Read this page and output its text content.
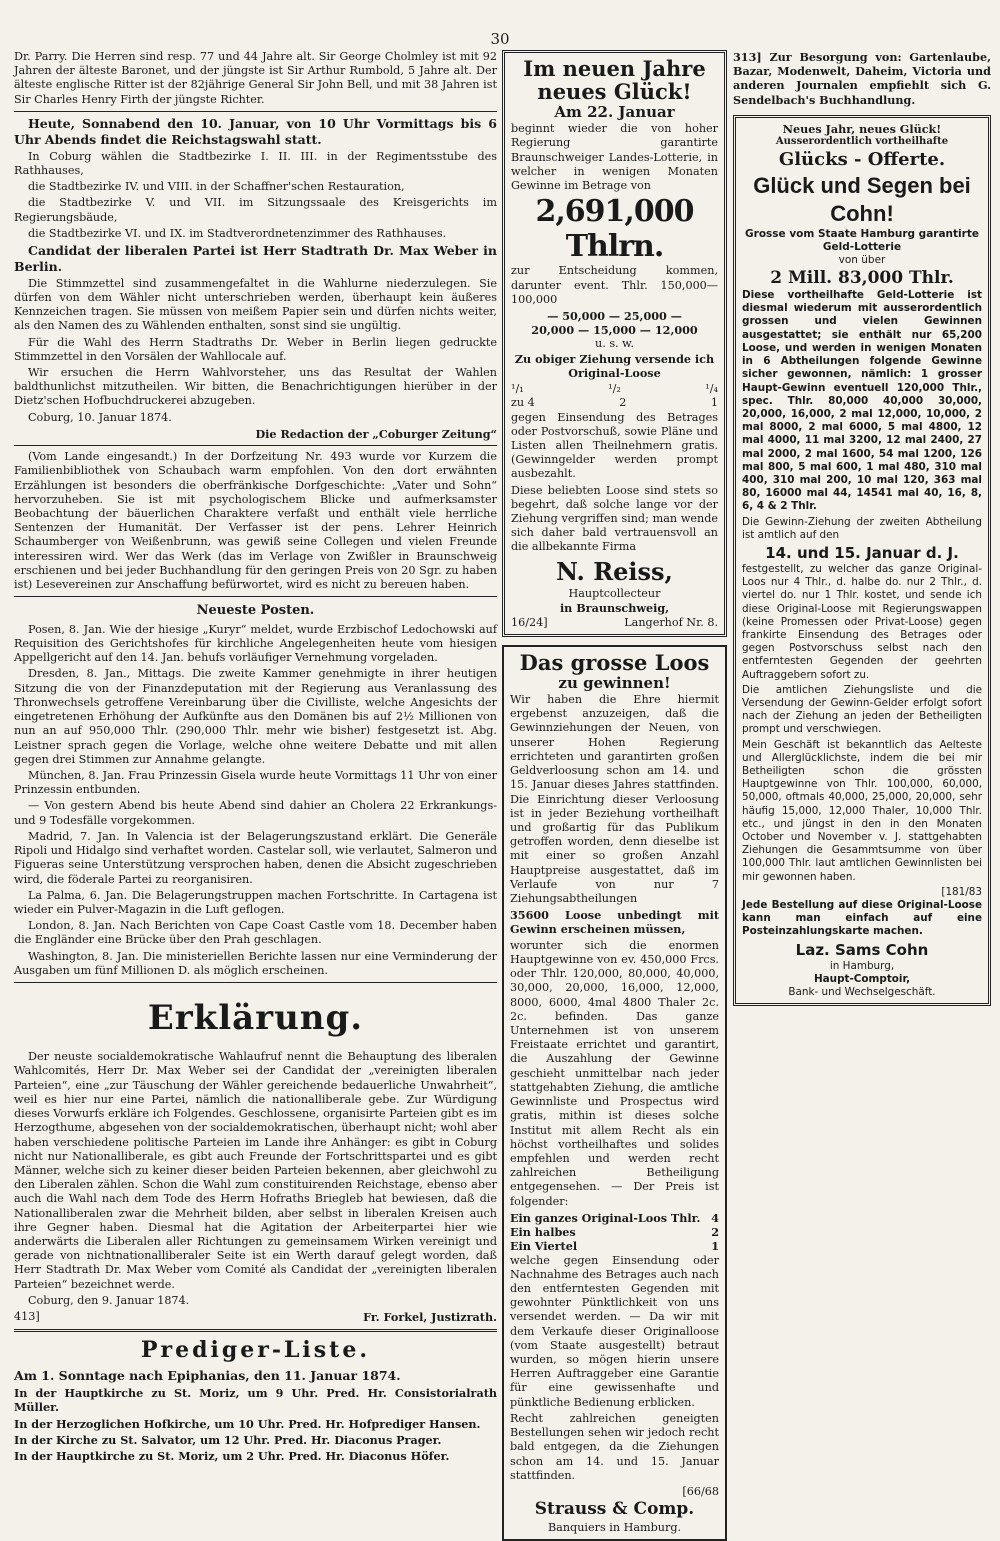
30

Dr. Parry. Die Herren sind resp. 77 und 44 Jahre alt. Sir George Cholmley ist mit 92 Jahren der älteste Baronet, und der jüngste ist Sir Arthur Rumbold, 5 Jahre alt. Der älteste englische Ritter ist der 82jährige General Sir John Bell, und mit 38 Jahren ist Sir Charles Henry Firth der jüngste Richter.

Heute, Sonnabend den 10. Januar, von 10 Uhr Vormittags bis 6 Uhr Abends findet die Reichstagswahl statt.

In Coburg wählen die Stadtbezirke I. II. III. in der Regimentsstube des Rathhauses,

die Stadtbezirke IV. und VIII. in der Schaffner'schen Restauration,

die Stadtbezirke V. und VII. im Sitzungssaale des Kreisgerichts im Regierungsbäude,

die Stadtbezirke VI. und IX. im Stadtverordnetenzimmer des Rathhauses.

Candidat der liberalen Partei ist Herr Stadtrath Dr. Max Weber in Berlin.

Die Stimmzettel sind zusammengefaltet in die Wahlurne niederzulegen. Sie dürfen von dem Wähler nicht unterschrieben werden, überhaupt kein äußeres Kennzeichen tragen. Sie müssen von meißem Papier sein und dürfen nichts weiter, als den Namen des zu Wählenden enthalten, sonst sind sie ungültig.

Für die Wahl des Herrn Stadtraths Dr. Weber in Berlin liegen gedruckte Stimmzettel in den Vorsälen der Wahllocale auf.

Wir ersuchen die Herrn Wahlvorsteher, uns das Resultat der Wahlen baldthunlichst mitzutheilen. Wir bitten, die Benachrichtigungen hierüber in der Dietz'schen Hofbuchdruckerei abzugeben.

Coburg, 10. Januar 1874.

Die Redaction der „Coburger Zeitung“

(Vom Lande eingesandt.) In der Dorfzeitung Nr. 493 wurde vor Kurzem die Familienbibliothek von Schaubach warm empfohlen. Von den dort erwähnten Erzählungen ist besonders die oberfränkische Dorfgeschichte: „Vater und Sohn“ hervorzuheben. Sie ist mit psychologischem Blicke und aufmerksamster Beobachtung der bäuerlichen Charaktere verfaßt und enthält viele herrliche Sentenzen der Humanität. Der Verfasser ist der pens. Lehrer Heinrich Schaumberger von Weißenbrunn, was gewiß seine Collegen und vielen Freunde interessiren wird. Wer das Werk (das im Verlage von Zwißler in Braunschweig erschienen und bei jeder Buchhandlung für den geringen Preis von 20 Sgr. zu haben ist) Lesevereinen zur Anschaffung befürwortet, wird es nicht zu bereuen haben.

Neueste Posten.

Posen, 8. Jan. Wie der hiesige „Kuryr“ meldet, wurde Erzbischof Ledochowski auf Requisition des Gerichtshofes für kirchliche Angelegenheiten heute vom hiesigen Appellgericht auf den 14. Jan. behufs vorläufiger Vernehmung vorgeladen.

Dresden, 8. Jan., Mittags. Die zweite Kammer genehmigte in ihrer heutigen Sitzung die von der Finanzdeputation mit der Regierung aus Veranlassung des Thronwechsels getroffene Vereinbarung über die Civilliste, welche Angesichts der eingetretenen Erhöhung der Aufkünfte aus den Domänen bis auf 2½ Millionen von nun an auf 950,000 Thlr. (290,000 Thlr. mehr wie bisher) festgesetzt ist. Abg. Leistner sprach gegen die Vorlage, welche ohne weitere Debatte und mit allen gegen drei Stimmen zur Annahme gelangte.

München, 8. Jan. Frau Prinzessin Gisela wurde heute Vormittags 11 Uhr von einer Prinzessin entbunden.

— Von gestern Abend bis heute Abend sind dahier an Cholera 22 Erkrankungs- und 9 Todesfälle vorgekommen.

Madrid, 7. Jan. In Valencia ist der Belagerungszustand erklärt. Die Generäle Ripoli und Hidalgo sind verhaftet worden. Castelar soll, wie verlautet, Salmeron und Figueras seine Unterstützung versprochen haben, denen die Absicht zugeschrieben wird, die föderale Partei zu reorganisiren.

La Palma, 6. Jan. Die Belagerungstruppen machen Fortschritte. In Cartagena ist wieder ein Pulver-Magazin in die Luft geflogen.

London, 8. Jan. Nach Berichten von Cape Coast Castle vom 18. December haben die Engländer eine Brücke über den Prah geschlagen.

Washington, 8. Jan. Die ministeriellen Berichte lassen nur eine Verminderung der Ausgaben um fünf Millionen D. als möglich erscheinen.

Erklärung.

Der neuste socialdemokratische Wahlaufruf nennt die Behauptung des liberalen Wahlcomités, Herr Dr. Max Weber sei der Candidat der „vereinigten liberalen Parteien“, eine „zur Täuschung der Wähler gereichende bedauerliche Unwahrheit“, weil es hier nur eine Partei, nämlich die nationalliberale gebe. Zur Würdigung dieses Vorwurfs erkläre ich Folgendes. Geschlossene, organisirte Parteien gibt es im Herzogthume, abgesehen von der socialdemokratischen, überhaupt nicht; wohl aber haben verschiedene politische Parteien im Lande ihre Anhänger: es gibt in Coburg nicht nur Nationalliberale, es gibt auch Freunde der Fortschrittspartei und es gibt Männer, welche sich zu keiner dieser beiden Parteien bekennen, aber gleichwohl zu den Liberalen zählen. Schon die Wahl zum constituirenden Reichstage, ebenso aber auch die Wahl nach dem Tode des Herrn Hofraths Briegleb hat bewiesen, daß die Nationalliberalen zwar die Mehrheit bilden, aber selbst in liberalen Kreisen auch ihre Gegner haben. Diesmal hat die Agitation der Arbeiterpartei hier wie anderwärts die Liberalen aller Richtungen zu gemeinsamem Wirken vereinigt und gerade von nichtnationalliberaler Seite ist ein Werth darauf gelegt worden, daß Herr Stadtrath Dr. Max Weber vom Comité als Candidat der „vereinigten liberalen Parteien“ bezeichnet werde.

Coburg, den 9. Januar 1874.

413]	Fr. Forkel, Justizrath.
Prediger-Liste.

Am 1. Sonntage nach Epiphanias, den 11. Januar 1874.

In der Hauptkirche zu St. Moriz, um 9 Uhr. Pred. Hr. Consistorialrath Müller.

In der Herzoglichen Hofkirche, um 10 Uhr. Pred. Hr. Hofprediger Hansen.

In der Kirche zu St. Salvator, um 12 Uhr. Pred. Hr. Diaconus Prager.

In der Hauptkirche zu St. Moriz, um 2 Uhr. Pred. Hr. Diaconus Höfer.

Im neuen Jahre neues Glück!
Am 22. Januar

beginnt wieder die von hoher Regierung garantirte Braunschweiger Landes-Lotterie, in welcher in wenigen Monaten Gewinne im Betrage von

2,691,000 Thlrn.

zur Entscheidung kommen, darunter event. Thlr. 150,000—100,000

— 50,000 — 25,000 —
20,000 — 15,000 — 12,000
u. s. w.

Zu obiger Ziehung versende ich Original-Loose

¹/₁	¹/₂	¹/₄
zu 4	2	1

gegen Einsendung des Betrages oder Postvorschuß, sowie Pläne und Listen allen Theilnehmern gratis. (Gewinngelder werden prompt ausbezahlt.

Diese beliebten Loose sind stets so begehrt, daß solche lange vor der Ziehung vergriffen sind; man wende sich daher bald vertrauensvoll an die allbekannte Firma

N. Reiss,
Hauptcollecteur
in Braunschweig,
16/24]	Langerhof Nr. 8.
Das grosse Loos
zu gewinnen!

Wir haben die Ehre hiermit ergebenst anzuzeigen, daß die Gewinnziehungen der Neuen, von unserer Hohen Regierung errichteten und garantirten großen Geldverloosung schon am 14. und 15. Januar dieses Jahres stattfinden. Die Einrichtung dieser Verloosung ist in jeder Beziehung vortheilhaft und großartig für das Publikum getroffen worden, denn dieselbe ist mit einer so großen Anzahl Hauptpreise ausgestattet, daß im Verlaufe von nur 7 Ziehungsabtheilungen

35600 Loose unbedingt mit Gewinn erscheinen müssen,

worunter sich die enormen Hauptgewinne von ev. 450,000 Frcs. oder Thlr. 120,000, 80,000, 40,000, 30,000, 20,000, 16,000, 12,000, 8000, 6000, 4mal 4800 Thaler 2c. 2c. befinden. Das ganze Unternehmen ist von unserem Freistaate errichtet und garantirt, die Auszahlung der Gewinne geschieht unmittelbar nach jeder stattgehabten Ziehung, die amtliche Gewinnliste und Prospectus wird gratis, mithin ist dieses solche Institut mit allem Recht als ein höchst vortheilhaftes und solides empfehlen und werden recht zahlreichen Betheiligung entgegensehen. — Der Preis ist folgender:

Ein ganzes Original-Loos Thlr. 4
Ein halbes	2
Ein Viertel	1

welche gegen Einsendung oder Nachnahme des Betrages auch nach den entferntesten Gegenden mit gewohnter Pünktlichkeit von uns versendet werden. — Da wir mit dem Verkaufe dieser Originalloose (vom Staate ausgestellt) betraut wurden, so mögen hierin unsere Herren Auftraggeber eine Garantie für eine gewissenhafte und pünktliche Bedienung erblicken.

Recht zahlreichen geneigten Bestellungen sehen wir jedoch recht bald entgegen, da die Ziehungen schon am 14. und 15. Januar stattfinden.

[66/68
Strauss & Comp.
Banquiers in Hamburg.

313] Zur Besorgung von: Gartenlaube, Bazar, Modenwelt, Daheim, Victoria und anderen Journalen empfiehlt sich G. Sendelbach's Buchhandlung.

Neues Jahr, neues Glück!
Ausserordentlich vortheilhafte
Glücks - Offerte.
Glück und Segen bei Cohn!
Grosse vom Staate Hamburg garantirte Geld-Lotterie
von über
2 Mill. 83,000 Thlr.

Diese vortheilhafte Geld-Lotterie ist diesmal wiederum mit ausserordentlich grossen und vielen Gewinnen ausgestattet; sie enthält nur 65,200 Loose, und werden in wenigen Monaten in 6 Abtheilungen folgende Gewinne sicher gewonnen, nämlich: 1 grosser Haupt-Gewinn eventuell 120,000 Thlr., spec. Thlr. 80,000 40,000 30,000, 20,000, 16,000, 2 mal 12,000, 10,000, 2 mal 8000, 2 mal 6000, 5 mal 4800, 12 mal 4000, 11 mal 3200, 12 mal 2400, 27 mal 2000, 2 mal 1600, 54 mal 1200, 126 mal 800, 5 mal 600, 1 mal 480, 310 mal 400, 310 mal 200, 10 mal 120, 363 mal 80, 16000 mal 44, 14541 mal 40, 16, 8, 6, 4 & 2 Thlr.

Die Gewinn-Ziehung der zweiten Abtheilung ist amtlich auf den

14. und 15. Januar d. J.

festgestellt, zu welcher das ganze Original-Loos nur 4 Thlr., d. halbe do. nur 2 Thlr., d. viertel do. nur 1 Thlr. kostet, und sende ich diese Original-Loose mit Regierungswappen (keine Promessen oder Privat-Loose) gegen frankirte Einsendung des Betrages oder gegen Postvorschuss selbst nach den entferntesten Gegenden der geehrten Auftraggebern sofort zu.

Die amtlichen Ziehungsliste und die Versendung der Gewinn-Gelder erfolgt sofort nach der Ziehung an jeden der Betheiligten prompt und verschwiegen.

Mein Geschäft ist bekanntlich das Aelteste und Allerglücklichste, indem die bei mir Betheiligten schon die grössten Hauptgewinne von Thlr. 100,000, 60,000, 50,000, oftmals 40,000, 25,000, 20,000, sehr häufig 15,000, 12,000 Thaler, 10,000 Thlr. etc., und jüngst in den in den Monaten October und November v. J. stattgehabten Ziehungen die Gesammtsumme von über 100,000 Thlr. laut amtlichen Gewinnlisten bei mir gewonnen haben.

[181/83

Jede Bestellung auf diese Original-Loose kann man einfach auf eine Posteinzahlungskarte machen.

Laz. Sams Cohn
in Hamburg,
Haupt-Comptoir,
Bank- und Wechselgeschäft.
